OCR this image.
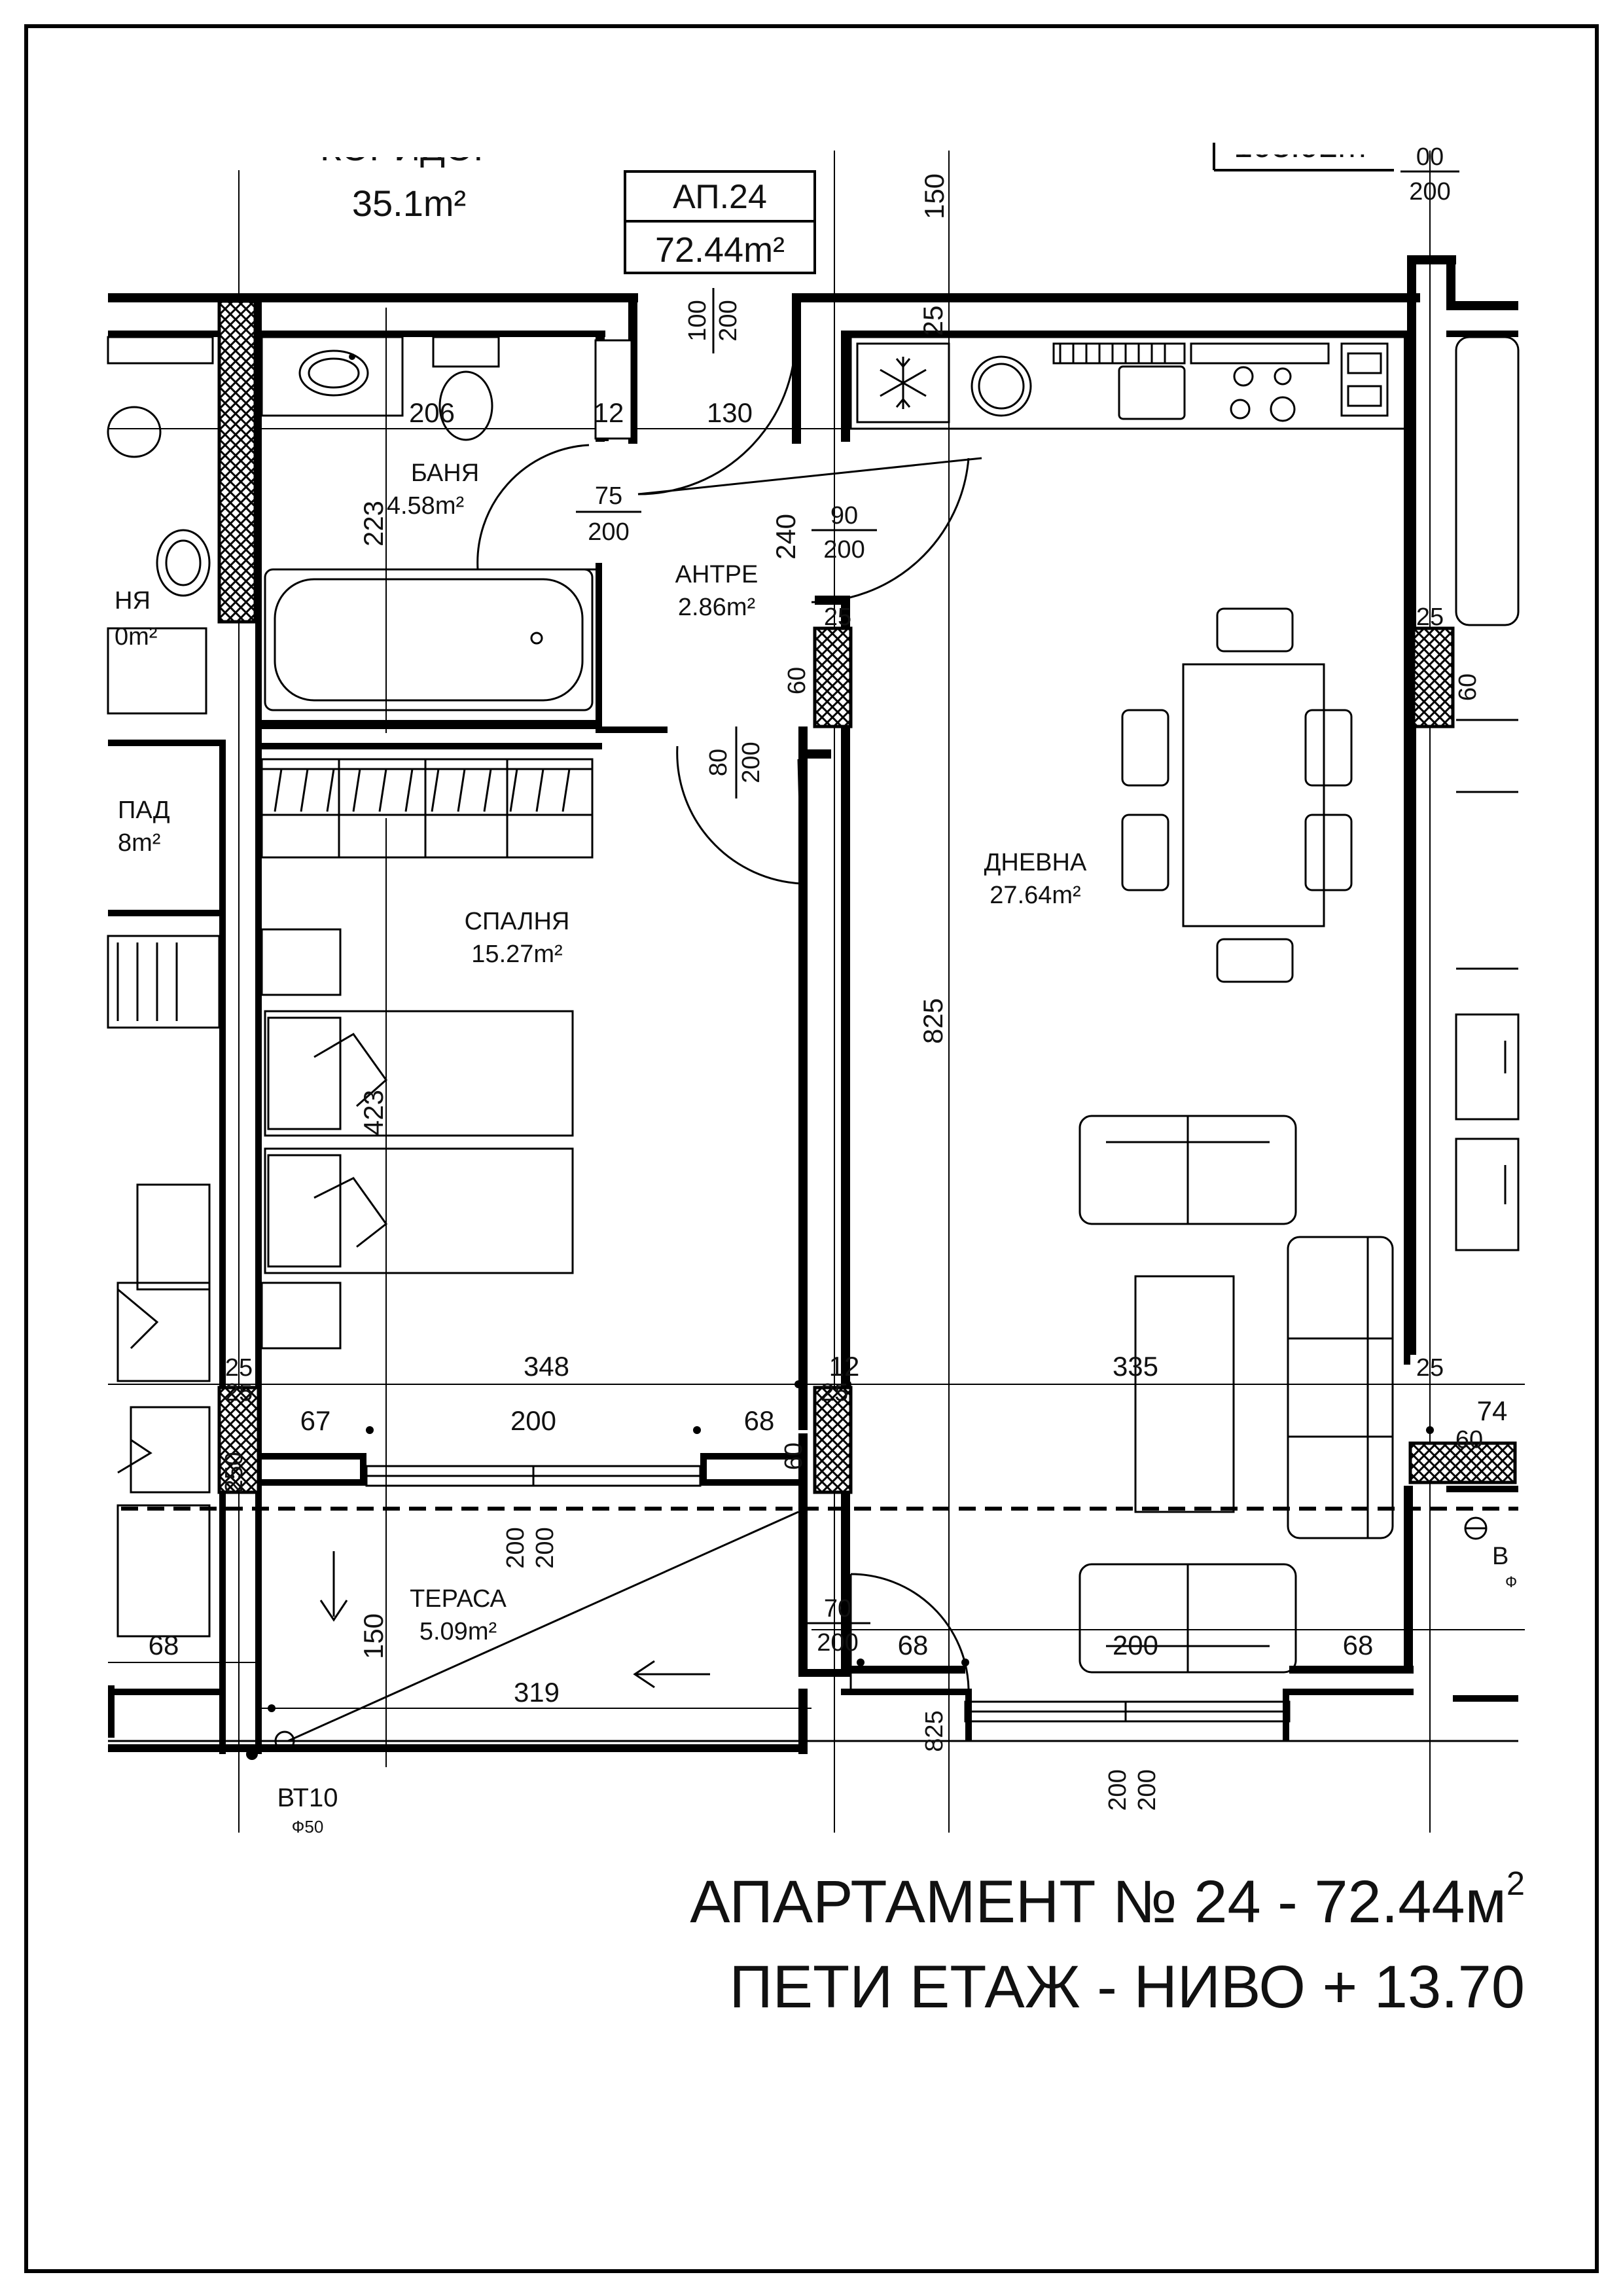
35.1m²	АП.24
72.44m²
00
200
150
БАНЯ
4.58m²
АНТРЕ
2.86m²
ДНЕВНА
27.64m²
СПАЛНЯ
15.27m²
ТЕРАСА
5.09m²
НЯ
0m²
ПАД
8m²
206	12	130
223	240
25
25	25
60	60
825
423
348	12	335
25
25	25
25
74
60
67	200	68
250	60
200 200
150
319
68	68	200	68
825
200 200
100 200
75
200
90
200
80 200
70
200
ВТ10
Ф50
В
Ф
АПАРТАМЕНТ № $24 - 72.44м^2$
ПЕТИ ЕТАЖ - НИВО + 13.70
